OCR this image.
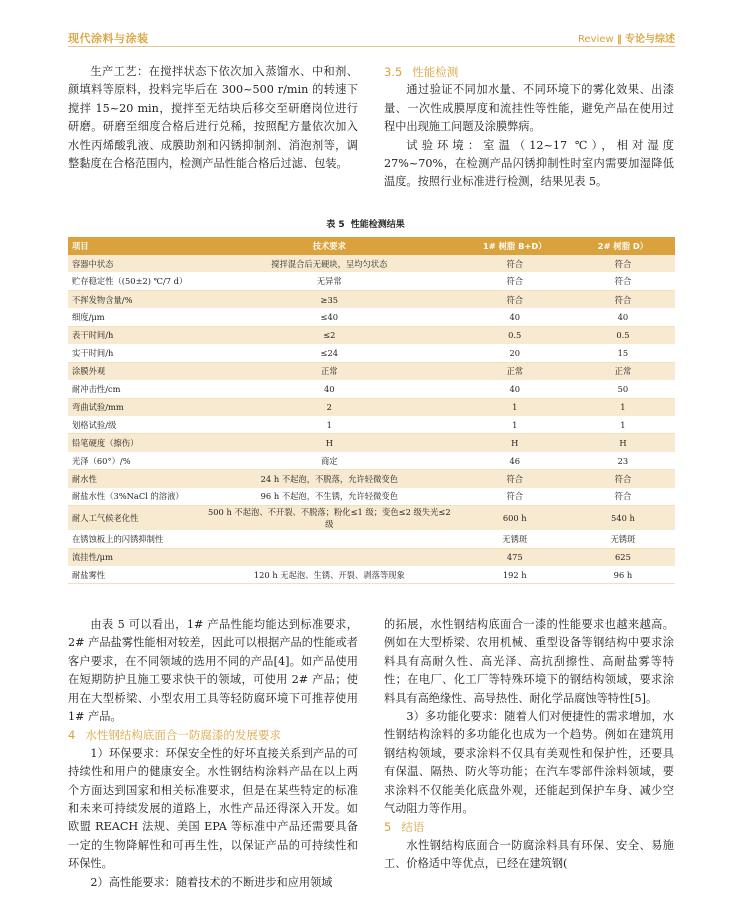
现代涂料与涂装	Review ‖ 专论与综述

生产工艺：在搅拌状态下依次加入蒸馏水、中和剂、颜填料等原料，投料完毕后在 300~500 r/min 的转速下搅拌 15~20 min，搅拌至无结块后移交至研磨岗位进行研磨。研磨至细度合格后进行兑稀，按照配方量依次加入水性丙烯酸乳液、成膜助剂和闪锈抑制剂、消泡剂等，调整黏度在合格范围内，检测产品性能合格后过滤、包装。

3.5 性能检测

通过验证不同加水量、不同环境下的雾化效果、出漆量、一次性成膜厚度和流挂性等性能，避免产品在使用过程中出现施工问题及涂膜弊病。

试验环境：室温（12~17 ℃），相对湿度 27%~70%，在检测产品闪锈抑制性时室内需要加湿降低温度。按照行业标准进行检测，结果见表 5。

表 5 性能检测结果
项目	技术要求	1# 树脂 B+D）	2# 树脂 D）
容器中状态	搅拌混合后无硬块，呈均匀状态	符合	符合
贮存稳定性（(50±2) ℃/7 d）	无异常	符合	符合
不挥发物含量/%	≥35	符合	符合
细度/μm	≤40	40	40
表干时间/h	≤2	0.5	0.5
实干时间/h	≤24	20	15
涂膜外观	正常	正常	正常
耐冲击性/cm	40	40	50
弯曲试验/mm	2	1	1
划格试验/级	1	1	1
铅笔硬度（擦伤）	H	H	H
光泽（60°）/%	商定	46	23
耐水性	24 h 不起泡，不脱落，允许轻微变色	符合	符合
耐盐水性（3%NaCl 的溶液）	96 h 不起泡，不生锈，允许轻微变色	符合	符合
耐人工气候老化性	500 h 不起泡、不开裂、不脱落；粉化≤1 级；变色≤2 级失光≤2 级	600 h	540 h
在锈蚀板上的闪锈抑制性		无锈斑	无锈斑
流挂性/μm		475	625
耐盐雾性	120 h 无起泡、生锈、开裂、剥落等现象	192 h	96 h

由表 5 可以看出，1# 产品性能均能达到标准要求，2# 产品盐雾性能相对较差，因此可以根据产品的性能或者客户要求，在不同领域的选用不同的产品[4]。如产品使用在短期防护且施工要求快干的领域，可使用 2# 产品；使用在大型桥梁、小型农用工具等轻防腐环境下可推荐使用 1# 产品。

4 水性钢结构底面合一防腐漆的发展要求

1）环保要求：环保安全性的好坏直接关系到产品的可持续性和用户的健康安全。水性钢结构涂料产品在以上两个方面达到国家和相关标准要求，但是在某些特定的标准和未来可持续发展的道路上，水性产品还得深入开发。如欧盟 REACH 法规、美国 EPA 等标准中产品还需要具备一定的生物降解性和可再生性，以保证产品的可持续性和环保性。

2）高性能要求：随着技术的不断进步和应用领域

的拓展，水性钢结构底面合一漆的性能要求也越来越高。例如在大型桥梁、农用机械、重型设备等钢结构中要求涂料具有高耐久性、高光泽、高抗刮擦性、高耐盐雾等特性；在电厂、化工厂等特殊环境下的钢结构领域，要求涂料具有高绝缘性、高导热性、耐化学品腐蚀等特性[5]。

3）多功能化要求：随着人们对便捷性的需求增加，水性钢结构涂料的多功能化也成为一个趋势。例如在建筑用钢结构领域，要求涂料不仅具有美观性和保护性，还要具有保温、隔热、防火等功能；在汽车零部件涂料领域，要求涂料不仅能美化底盘外观，还能起到保护车身、减少空气动阻力等作用。

5 结语

水性钢结构底面合一防腐涂料具有环保、安全、易施工、价格适中等优点，已经在建筑钢(
